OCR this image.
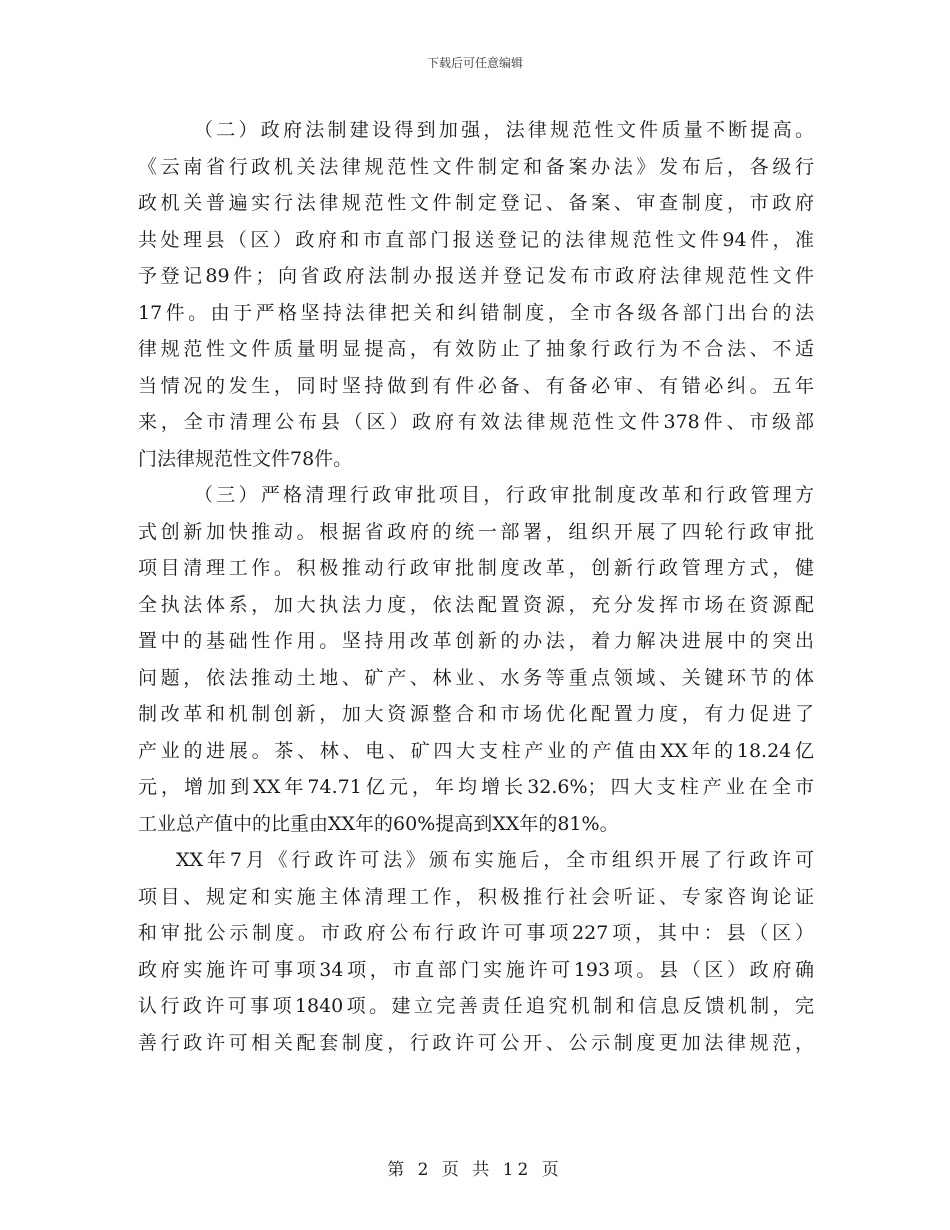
下载后可任意编辑
（二）政府法制建设得到加强，法律规范性文件质量不断提高。
《云南省行政机关法律规范性文件制定和备案办法》发布后，各级行
政机关普遍实行法律规范性文件制定登记、备案、审查制度，市政府
共处理县（区）政府和市直部门报送登记的法律规范性文件94件，准
予登记89件；向省政府法制办报送并登记发布市政府法律规范性文件
17件。由于严格坚持法律把关和纠错制度，全市各级各部门出台的法
律规范性文件质量明显提高，有效防止了抽象行政行为不合法、不适
当情况的发生，同时坚持做到有件必备、有备必审、有错必纠。五年
来，全市清理公布县（区）政府有效法律规范性文件378件、市级部
门法律规范性文件78件。
（三）严格清理行政审批项目，行政审批制度改革和行政管理方
式创新加快推动。根据省政府的统一部署，组织开展了四轮行政审批
项目清理工作。积极推动行政审批制度改革，创新行政管理方式，健
全执法体系，加大执法力度，依法配置资源，充分发挥市场在资源配
置中的基础性作用。坚持用改革创新的办法，着力解决进展中的突出
问题，依法推动土地、矿产、林业、水务等重点领域、关键环节的体
制改革和机制创新，加大资源整合和市场优化配置力度，有力促进了
产业的进展。茶、林、电、矿四大支柱产业的产值由XX年的18.24亿
元，增加到XX年74.71亿元，年均增长32.6%；四大支柱产业在全市
工业总产值中的比重由XX年的60%提高到XX年的81%。
XX年7月《行政许可法》颁布实施后，全市组织开展了行政许可
项目、规定和实施主体清理工作，积极推行社会听证、专家咨询论证
和审批公示制度。市政府公布行政许可事项227项，其中：县（区）
政府实施许可事项34项，市直部门实施许可193项。县（区）政府确
认行政许可事项1840项。建立完善责任追究机制和信息反馈机制，完
善行政许可相关配套制度，行政许可公开、公示制度更加法律规范，
第 2 页 共 12 页
